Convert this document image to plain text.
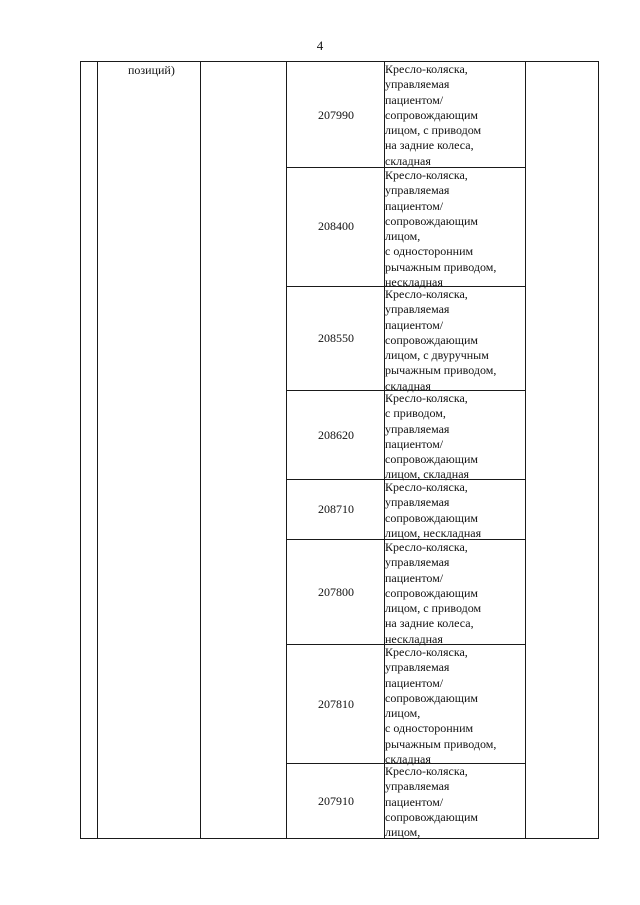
4
позиций)
207990
208400
208550
208620
208710
207800
207810
207910
Кресло-коляска,
управляемая
пациентом/
сопровождающим
лицом, с приводом
на задние колеса,
складная
Кресло-коляска,
управляемая
пациентом/
сопровождающим
лицом,
с односторонним
рычажным приводом,
нескладная
Кресло-коляска,
управляемая
пациентом/
сопровождающим
лицом, с двуручным
рычажным приводом,
складная
Кресло-коляска,
с приводом,
управляемая
пациентом/
сопровождающим
лицом, складная
Кресло-коляска,
управляемая
сопровождающим
лицом, нескладная
Кресло-коляска,
управляемая
пациентом/
сопровождающим
лицом, с приводом
на задние колеса,
нескладная
Кресло-коляска,
управляемая
пациентом/
сопровождающим
лицом,
с односторонним
рычажным приводом,
складная
Кресло-коляска,
управляемая
пациентом/
сопровождающим
лицом,
